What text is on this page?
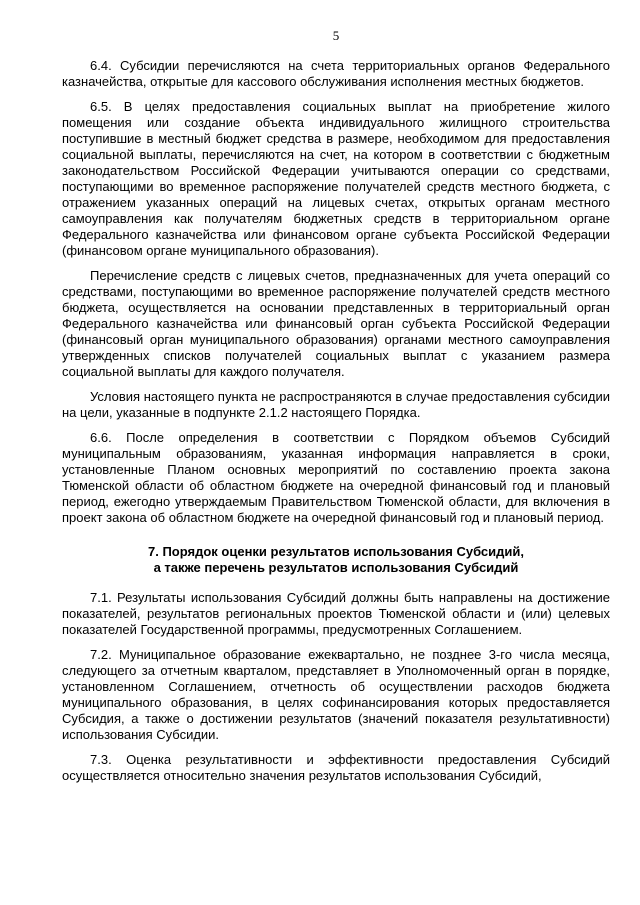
5

6.4. Субсидии перечисляются на счета территориальных органов Федерального казначейства, открытые для кассового обслуживания исполнения местных бюджетов.

6.5. В целях предоставления социальных выплат на приобретение жилого помещения или создание объекта индивидуального жилищного строительства поступившие в местный бюджет средства в размере, необходимом для предоставления социальной выплаты, перечисляются на счет, на котором в соответствии с бюджетным законодательством Российской Федерации учитываются операции со средствами, поступающими во временное распоряжение получателей средств местного бюджета, с отражением указанных операций на лицевых счетах, открытых органам местного самоуправления как получателям бюджетных средств в территориальном органе Федерального казначейства или финансовом органе субъекта Российской Федерации (финансовом органе муниципального образования).

Перечисление средств с лицевых счетов, предназначенных для учета операций со средствами, поступающими во временное распоряжение получателей средств местного бюджета, осуществляется на основании представленных в территориальный орган Федерального казначейства или финансовый орган субъекта Российской Федерации (финансовый орган муниципального образования) органами местного самоуправления утвержденных списков получателей социальных выплат с указанием размера социальной выплаты для каждого получателя.

Условия настоящего пункта не распространяются в случае предоставления субсидии на цели, указанные в подпункте 2.1.2 настоящего Порядка.

6.6. После определения в соответствии с Порядком объемов Субсидий муниципальным образованиям, указанная информация направляется в сроки, установленные Планом основных мероприятий по составлению проекта закона Тюменской области об областном бюджете на очередной финансовый год и плановый период, ежегодно утверждаемым Правительством Тюменской области, для включения в проект закона об областном бюджете на очередной финансовый год и плановый период.

7. Порядок оценки результатов использования Субсидий,
а также перечень результатов использования Субсидий

7.1. Результаты использования Субсидий должны быть направлены на достижение показателей, результатов региональных проектов Тюменской области и (или) целевых показателей Государственной программы, предусмотренных Соглашением.

7.2. Муниципальное образование ежеквартально, не позднее 3-го числа месяца, следующего за отчетным кварталом, представляет в Уполномоченный орган в порядке, установленном Соглашением, отчетность об осуществлении расходов бюджета муниципального образования, в целях софинансирования которых предоставляется Субсидия, а также о достижении результатов (значений показателя результативности) использования Субсидии.

7.3. Оценка результативности и эффективности предоставления Субсидий осуществляется относительно значения результатов использования Субсидий,
